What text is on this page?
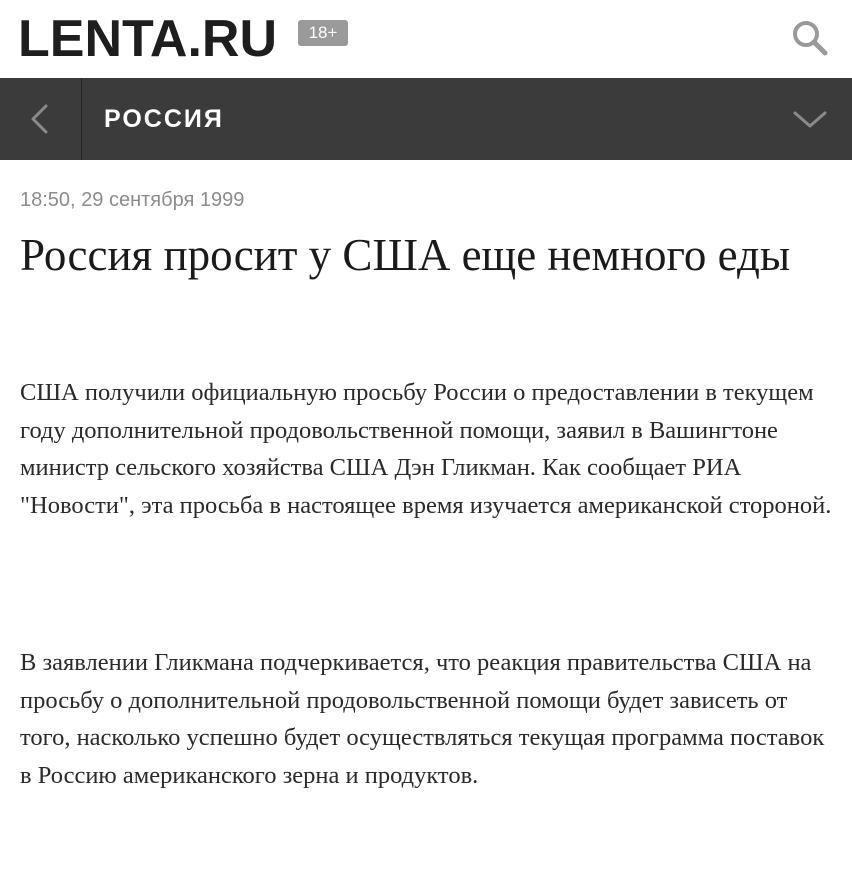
LENTA.RU	18+
РОССИЯ
18:50, 29 сентября 1999
Россия просит у США еще немного еды

США получили официальную просьбу России о предоставлении в текущем году дополнительной продовольственной помощи, заявил в Вашингтоне министр сельского хозяйства США Дэн Гликман. Как сообщает РИА "Новости", эта просьба в настоящее время изучается американской стороной.

В заявлении Гликмана подчеркивается, что реакция правительства США на просьбу о дополнительной продовольственной помощи будет зависеть от того, насколько успешно будет осуществляться текущая программа поставок в Россию американского зерна и продуктов.
